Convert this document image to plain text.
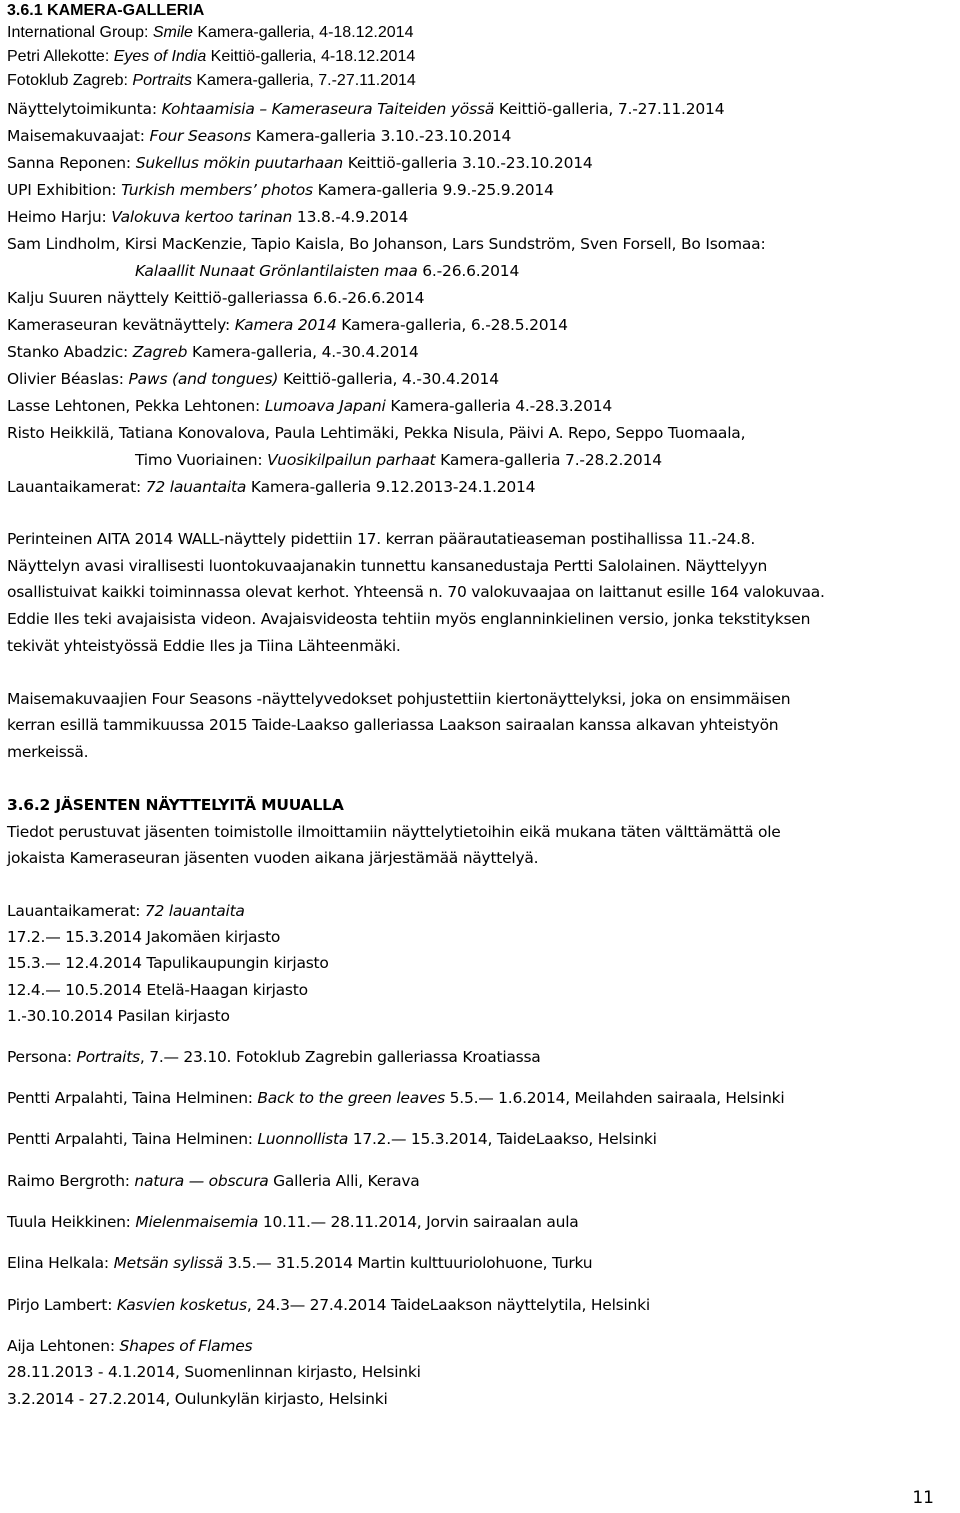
3.6.1 KAMERA-GALLERIA
International Group: Smile Kamera-galleria, 4-18.12.2014
Petri Allekotte: Eyes of India Keittiö-galleria, 4-18.12.2014
Fotoklub Zagreb: Portraits Kamera-galleria, 7.-27.11.2014
Näyttelytoimikunta: Kohtaamisia – Kameraseura Taiteiden yössä Keittiö-galleria, 7.-27.11.2014
Maisemakuvaajat: Four Seasons Kamera-galleria 3.10.-23.10.2014
Sanna Reponen: Sukellus mökin puutarhaan Keittiö-galleria 3.10.-23.10.2014
UPI Exhibition: Turkish members’ photos Kamera-galleria 9.9.-25.9.2014
Heimo Harju: Valokuva kertoo tarinan 13.8.-4.9.2014
Sam Lindholm, Kirsi MacKenzie, Tapio Kaisla, Bo Johanson, Lars Sundström, Sven Forsell, Bo Isomaa:
Kalaallit Nunaat Grönlantilaisten maa 6.-26.6.2014
Kalju Suuren näyttely Keittiö-galleriassa 6.6.-26.6.2014
Kameraseuran kevätnäyttely: Kamera 2014 Kamera-galleria, 6.-28.5.2014
Stanko Abadzic: Zagreb Kamera-galleria, 4.-30.4.2014
Olivier Béaslas: Paws (and tongues) Keittiö-galleria, 4.-30.4.2014
Lasse Lehtonen, Pekka Lehtonen: Lumoava Japani Kamera-galleria 4.-28.3.2014
Risto Heikkilä, Tatiana Konovalova, Paula Lehtimäki, Pekka Nisula, Päivi A. Repo, Seppo Tuomaala,
Timo Vuoriainen: Vuosikilpailun parhaat Kamera-galleria 7.-28.2.2014
Lauantaikamerat: 72 lauantaita Kamera-galleria 9.12.2013-24.1.2014
Perinteinen AITA 2014 WALL-näyttely pidettiin 17. kerran päärautatieaseman postihallissa 11.-24.8.
Näyttelyn avasi virallisesti luontokuvaajanakin tunnettu kansanedustaja Pertti Salolainen. Näyttelyyn
osallistuivat kaikki toiminnassa olevat kerhot. Yhteensä n. 70 valokuvaajaa on laittanut esille 164 valokuvaa.
Eddie Iles teki avajaisista videon. Avajaisvideosta tehtiin myös englanninkielinen versio, jonka tekstityksen
tekivät yhteistyössä Eddie Iles ja Tiina Lähteenmäki.
Maisemakuvaajien Four Seasons -näyttelyvedokset pohjustettiin kiertonäyttelyksi, joka on ensimmäisen
kerran esillä tammikuussa 2015 Taide-Laakso galleriassa Laakson sairaalan kanssa alkavan yhteistyön
merkeissä.
3.6.2 JÄSENTEN NÄYTTELYITÄ MUUALLA
Tiedot perustuvat jäsenten toimistolle ilmoittamiin näyttelytietoihin eikä mukana täten välttämättä ole
jokaista Kameraseuran jäsenten vuoden aikana järjestämää näyttelyä.
Lauantaikamerat: 72 lauantaita
17.2.— 15.3.2014 Jakomäen kirjasto
15.3.— 12.4.2014 Tapulikaupungin kirjasto
12.4.— 10.5.2014 Etelä-Haagan kirjasto
1.-30.10.2014 Pasilan kirjasto
Persona: Portraits, 7.— 23.10. Fotoklub Zagrebin galleriassa Kroatiassa
Pentti Arpalahti, Taina Helminen: Back to the green leaves 5.5.— 1.6.2014, Meilahden sairaala, Helsinki
Pentti Arpalahti, Taina Helminen: Luonnollista 17.2.— 15.3.2014, TaideLaakso, Helsinki
Raimo Bergroth: natura — obscura Galleria Alli, Kerava
Tuula Heikkinen: Mielenmaisemia 10.11.— 28.11.2014, Jorvin sairaalan aula
Elina Helkala: Metsän sylissä 3.5.— 31.5.2014 Martin kulttuuriolohuone, Turku
Pirjo Lambert: Kasvien kosketus, 24.3— 27.4.2014 TaideLaakson näyttelytila, Helsinki
Aija Lehtonen: Shapes of Flames
28.11.2013 - 4.1.2014, Suomenlinnan kirjasto, Helsinki
3.2.2014 - 27.2.2014, Oulunkylän kirjasto, Helsinki
11
